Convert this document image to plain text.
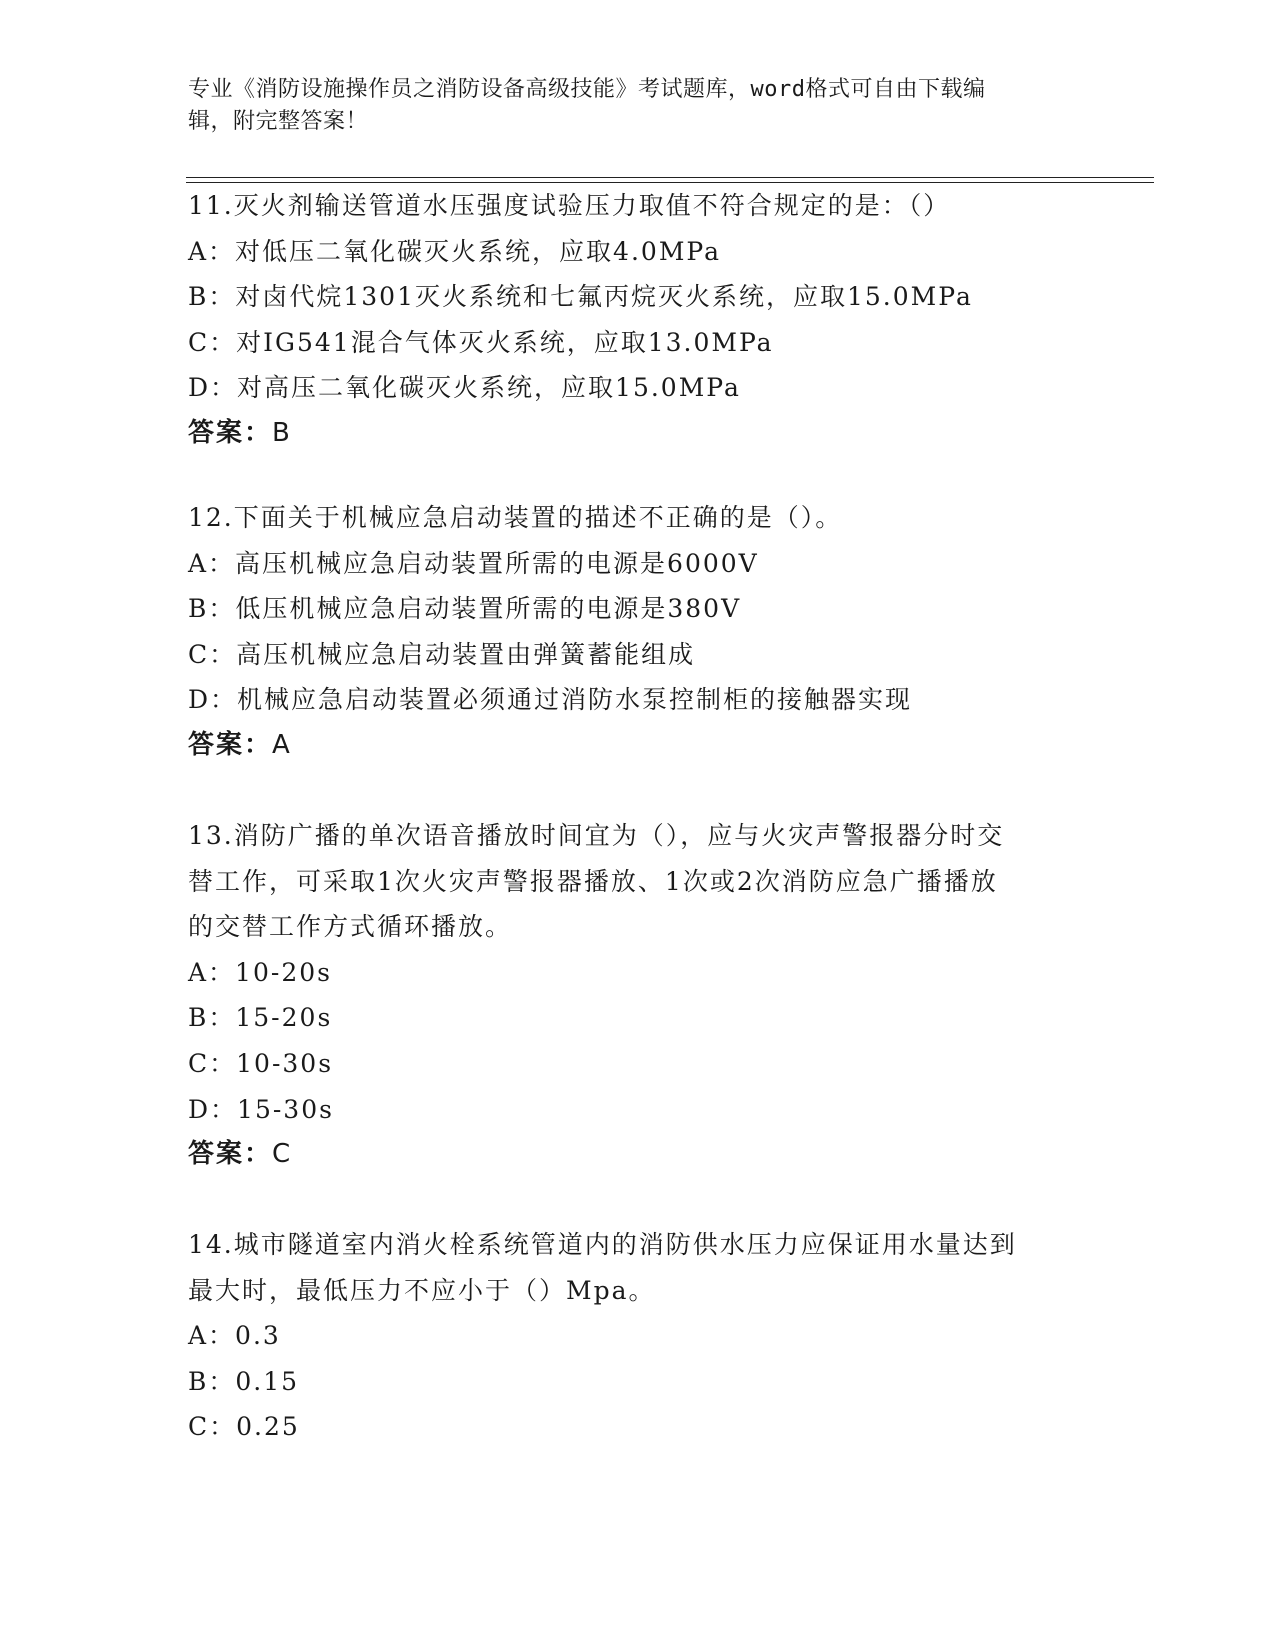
专业《消防设施操作员之消防设备高级技能》考试题库，word格式可自由下载编
辑，附完整答案！
11.灭火剂输送管道水压强度试验压力取值不符合规定的是：（）
A：对低压二氧化碳灭火系统，应取4.0MPa
B：对卤代烷1301灭火系统和七氟丙烷灭火系统，应取15.0MPa
C：对IG541混合气体灭火系统，应取13.0MPa
D：对高压二氧化碳灭火系统，应取15.0MPa
答案：B
12.下面关于机械应急启动装置的描述不正确的是（）。
A：高压机械应急启动装置所需的电源是6000V
B：低压机械应急启动装置所需的电源是380V
C：高压机械应急启动装置由弹簧蓄能组成
D：机械应急启动装置必须通过消防水泵控制柜的接触器实现
答案：A
13.消防广播的单次语音播放时间宜为（），应与火灾声警报器分时交
替工作，可采取1次火灾声警报器播放、1次或2次消防应急广播播放
的交替工作方式循环播放。
A：10-20s
B：15-20s
C：10-30s
D：15-30s
答案：C
14.城市隧道室内消火栓系统管道内的消防供水压力应保证用水量达到
最大时，最低压力不应小于（）Mpa。
A：0.3
B：0.15
C：0.25
